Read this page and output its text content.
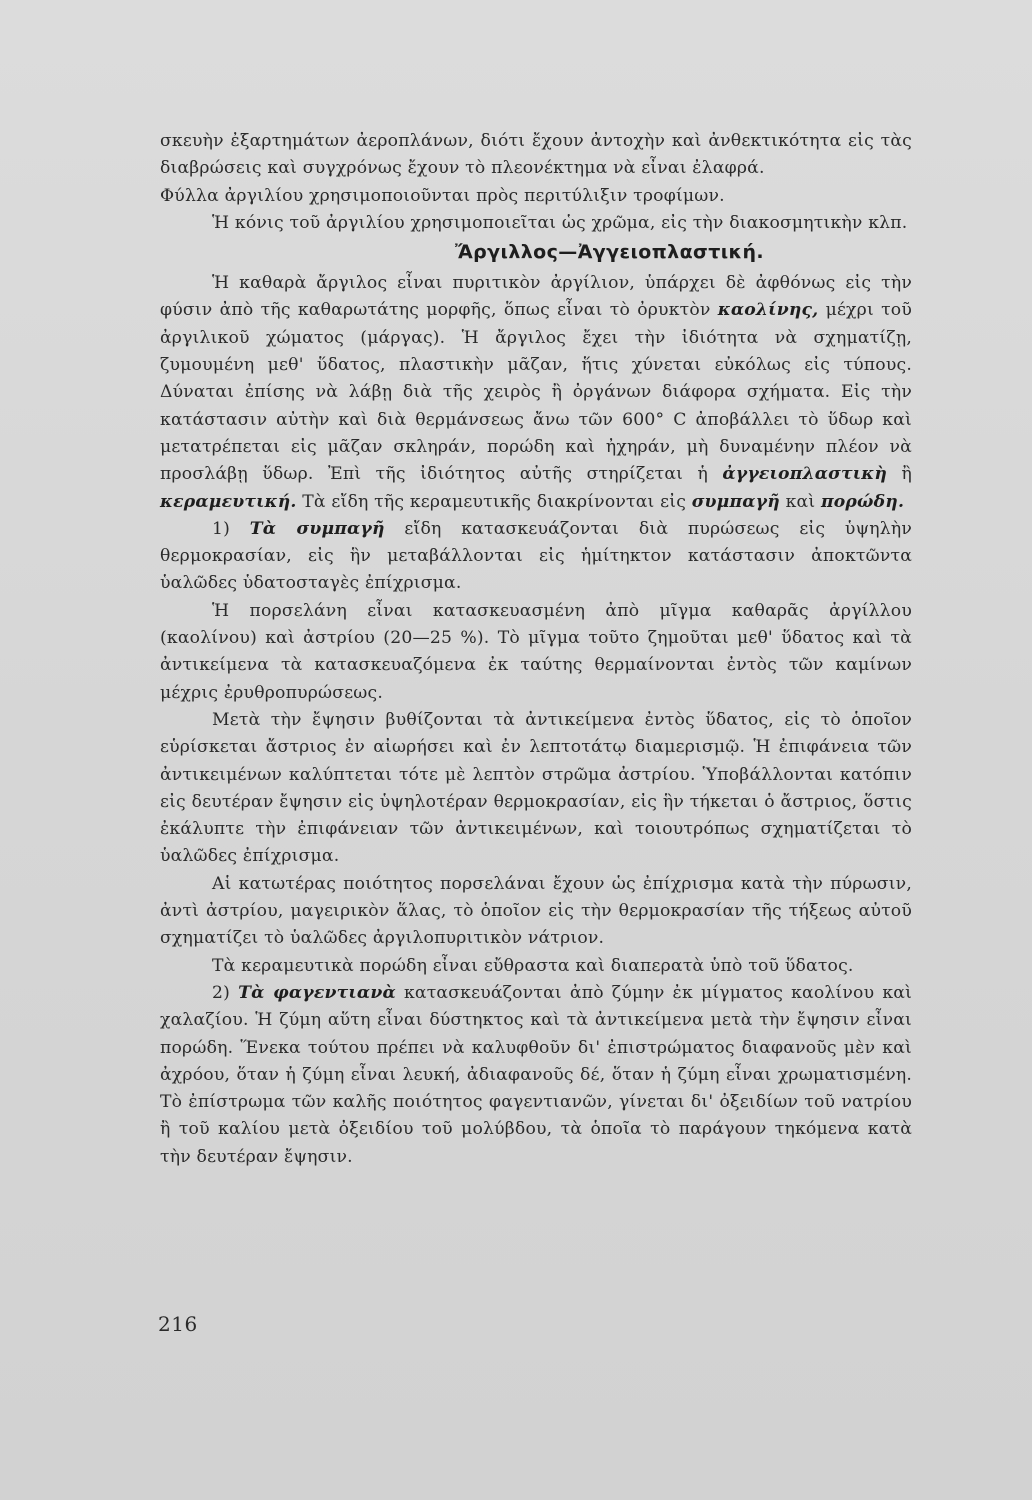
σκευὴν ἐξαρτημάτων ἀεροπλάνων, διότι ἔχουν ἀντοχὴν καὶ ἀνθεκτικότητα εἰς τὰς διαβρώσεις καὶ συγχρόνως ἔχουν τὸ πλεονέκτημα νὰ εἶναι ἐλαφρά.

Φύλλα ἀργιλίου χρησιμοποιοῦνται πρὸς περιτύλιξιν τροφίμων.

Ἡ κόνις τοῦ ἀργιλίου χρησιμοποιεῖται ὡς χρῶμα, εἰς τὴν διακοσμητικὴν κλπ.

Ἄργιλλος—Ἀγγειοπλαστική.

Ἡ καθαρὰ ἄργιλος εἶναι πυριτικὸν ἀργίλιον, ὑπάρχει δὲ ἀφθόνως εἰς τὴν φύσιν ἀπὸ τῆς καθαρωτάτης μορφῆς, ὅπως εἶναι τὸ ὀρυκτὸν καολίνης, μέχρι τοῦ ἀργιλικοῦ χώματος (μάργας). Ἡ ἄργιλος ἔχει τὴν ἰδιότητα νὰ σχηματίζῃ, ζυμουμένη μεθ' ὕδατος, πλαστικὴν μᾶζαν, ἥτις χύνεται εὐκόλως εἰς τύπους. Δύναται ἐπίσης νὰ λάβῃ διὰ τῆς χειρὸς ἢ ὀργάνων διάφορα σχήματα. Εἰς τὴν κατάστασιν αὐτὴν καὶ διὰ θερμάνσεως ἄνω τῶν 600° C ἀποβάλλει τὸ ὕδωρ καὶ μετατρέπεται εἰς μᾶζαν σκληράν, πορώδη καὶ ἠχηράν, μὴ δυναμένην πλέον νὰ προσλάβῃ ὕδωρ. Ἐπὶ τῆς ἰδιότητος αὐτῆς στηρίζεται ἡ ἀγγειοπλαστικὴ ἢ κεραμευτική. Τὰ εἴδη τῆς κεραμευτικῆς διακρίνονται εἰς συμπαγῆ καὶ πορώδη.

1) Τὰ συμπαγῆ εἴδη κατασκευάζονται διὰ πυρώσεως εἰς ὑψηλὴν θερμοκρασίαν, εἰς ἣν μεταβάλλονται εἰς ἡμίτηκτον κατάστασιν ἀποκτῶντα ὑαλῶδες ὑδατοσταγὲς ἐπίχρισμα.

Ἡ πορσελάνη εἶναι κατασκευασμένη ἀπὸ μῖγμα καθαρᾶς ἀργίλλου (καολίνου) καὶ ἀστρίου (20—25 %). Τὸ μῖγμα τοῦτο ζημοῦται μεθ' ὕδατος καὶ τὰ ἀντικείμενα τὰ κατασκευαζόμενα ἐκ ταύτης θερμαίνονται ἐντὸς τῶν καμίνων μέχρις ἐρυθροπυρώσεως.

Μετὰ τὴν ἔψησιν βυθίζονται τὰ ἀντικείμενα ἐντὸς ὕδατος, εἰς τὸ ὁποῖον εὑρίσκεται ἄστριος ἐν αἰωρήσει καὶ ἐν λεπτοτάτῳ διαμερισμῷ. Ἡ ἐπιφάνεια τῶν ἀντικειμένων καλύπτεται τότε μὲ λεπτὸν στρῶμα ἀστρίου. Ὑποβάλλονται κατόπιν εἰς δευτέραν ἔψησιν εἰς ὑψηλοτέραν θερμοκρασίαν, εἰς ἣν τήκεται ὁ ἄστριος, ὅστις ἐκάλυπτε τὴν ἐπιφάνειαν τῶν ἀντικειμένων, καὶ τοιουτρόπως σχηματίζεται τὸ ὑαλῶδες ἐπίχρισμα.

Αἱ κατωτέρας ποιότητος πορσελάναι ἔχουν ὡς ἐπίχρισμα κατὰ τὴν πύρωσιν, ἀντὶ ἀστρίου, μαγειρικὸν ἅλας, τὸ ὁποῖον εἰς τὴν θερμοκρασίαν τῆς τήξεως αὐτοῦ σχηματίζει τὸ ὑαλῶδες ἀργιλοπυριτικὸν νάτριον.

Τὰ κεραμευτικὰ πορώδη εἶναι εὔθραστα καὶ διαπερατὰ ὑπὸ τοῦ ὕδατος.

2) Τὰ φαγεντιανὰ κατασκευάζονται ἀπὸ ζύμην ἐκ μίγματος καολίνου καὶ χαλαζίου. Ἡ ζύμη αὕτη εἶναι δύστηκτος καὶ τὰ ἀντικείμενα μετὰ τὴν ἔψησιν εἶναι πορώδη. Ἕνεκα τούτου πρέπει νὰ καλυφθοῦν δι' ἐπιστρώματος διαφανοῦς μὲν καὶ ἀχρόου, ὅταν ἡ ζύμη εἶναι λευκή, ἀδιαφανοῦς δέ, ὅταν ἡ ζύμη εἶναι χρωματισμένη. Τὸ ἐπίστρωμα τῶν καλῆς ποιότητος φαγεντιανῶν, γίνεται δι' ὀξειδίων τοῦ νατρίου ἢ τοῦ καλίου μετὰ ὀξειδίου τοῦ μολύβδου, τὰ ὁποῖα τὸ παράγουν τηκόμενα κατὰ τὴν δευτέραν ἔψησιν.

216
